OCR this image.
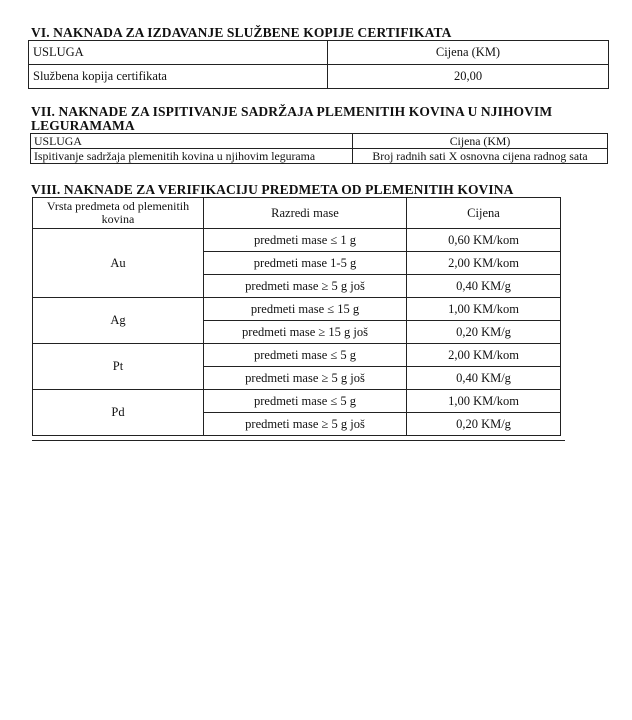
VI. NAKNADA ZA IZDAVANJE SLUŽBENE KOPIJE CERTIFIKATA

USLUGA	Cijena (KM)
Službena kopija certifikata	20,00

VII. NAKNADE ZA ISPITIVANJE SADRŽAJA PLEMENITIH KOVINA U NJIHOVIM

LEGURAMAMA

USLUGA	Cijena (KM)
Ispitivanje sadržaja plemenitih kovina u njihovim legurama	Broj radnih sati X osnovna cijena radnog sata

VIII. NAKNADE ZA VERIFIKACIJU PREDMETA OD PLEMENITIH KOVINA

Vrsta predmeta od plemenitih kovina	Razredi mase	Cijena
Au	predmeti mase ≤ 1 g	0,60 KM/kom
	predmeti mase 1-5 g	2,00 KM/kom
	predmeti mase ≥ 5 g još	0,40 KM/g
Ag	predmeti mase ≤ 15 g	1,00 KM/kom
	predmeti mase ≥ 15 g još	0,20 KM/g
Pt	predmeti mase ≤ 5 g	2,00 KM/kom
	predmeti mase ≥ 5 g još	0,40 KM/g
Pd	predmeti mase ≤ 5 g	1,00 KM/kom
	predmeti mase ≥ 5 g još	0,20 KM/g
